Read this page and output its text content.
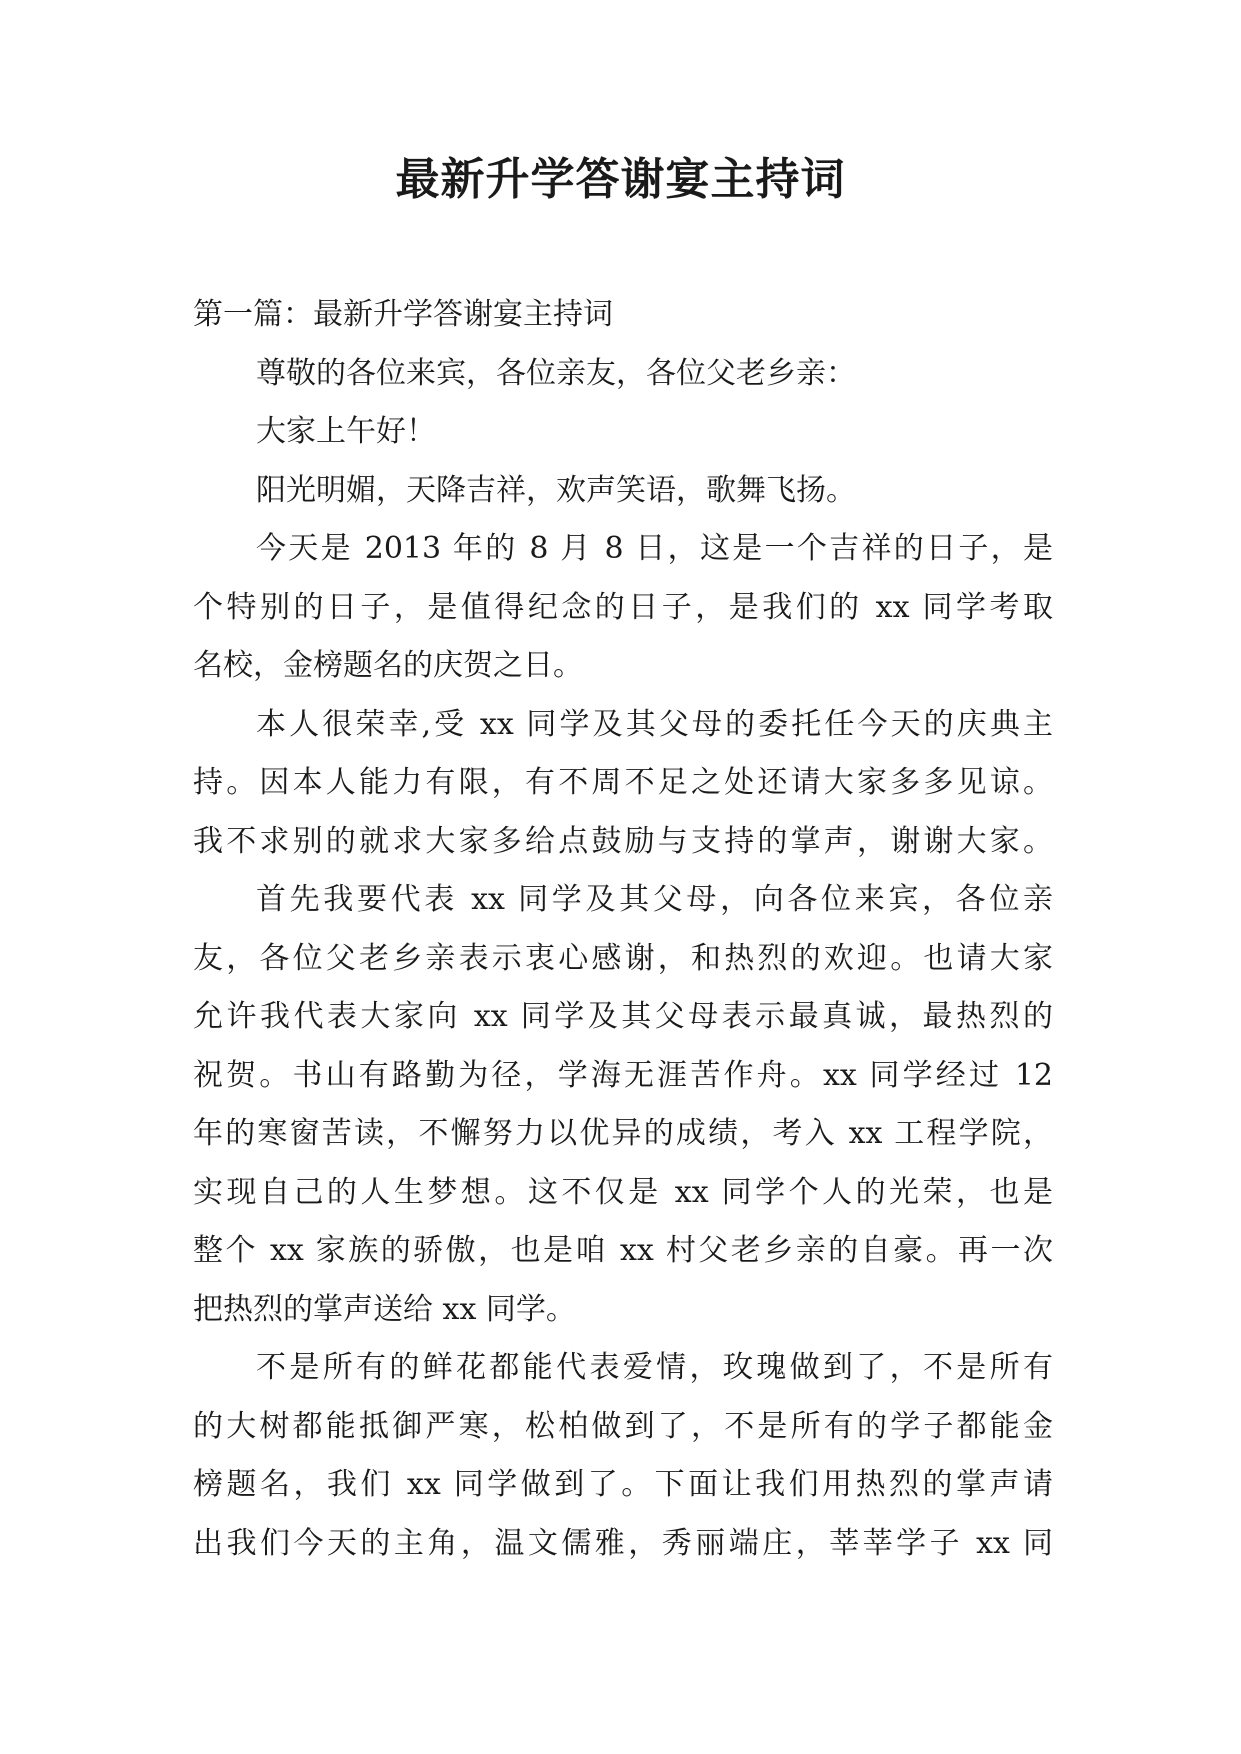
最新升学答谢宴主持词
第一篇：最新升学答谢宴主持词
尊敬的各位来宾，各位亲友，各位父老乡亲：
大家上午好！
阳光明媚，天降吉祥，欢声笑语，歌舞飞扬。
今天是 2013 年的 8 月 8 日，这是一个吉祥的日子，是
个特别的日子，是值得纪念的日子，是我们的 xx 同学考取
名校，金榜题名的庆贺之日。
本人很荣幸,受 xx 同学及其父母的委托任今天的庆典主
持。因本人能力有限，有不周不足之处还请大家多多见谅。
我不求别的就求大家多给点鼓励与支持的掌声，谢谢大家。
首先我要代表 xx 同学及其父母，向各位来宾，各位亲
友，各位父老乡亲表示衷心感谢，和热烈的欢迎。也请大家
允许我代表大家向 xx 同学及其父母表示最真诚，最热烈的
祝贺。书山有路勤为径，学海无涯苦作舟。xx 同学经过 12
年的寒窗苦读，不懈努力以优异的成绩，考入 xx 工程学院，
实现自己的人生梦想。这不仅是 xx 同学个人的光荣，也是
整个 xx 家族的骄傲，也是咱 xx 村父老乡亲的自豪。再一次
把热烈的掌声送给 xx 同学。
不是所有的鲜花都能代表爱情，玫瑰做到了，不是所有
的大树都能抵御严寒，松柏做到了，不是所有的学子都能金
榜题名，我们 xx 同学做到了。下面让我们用热烈的掌声请
出我们今天的主角，温文儒雅，秀丽端庄，莘莘学子 xx 同
